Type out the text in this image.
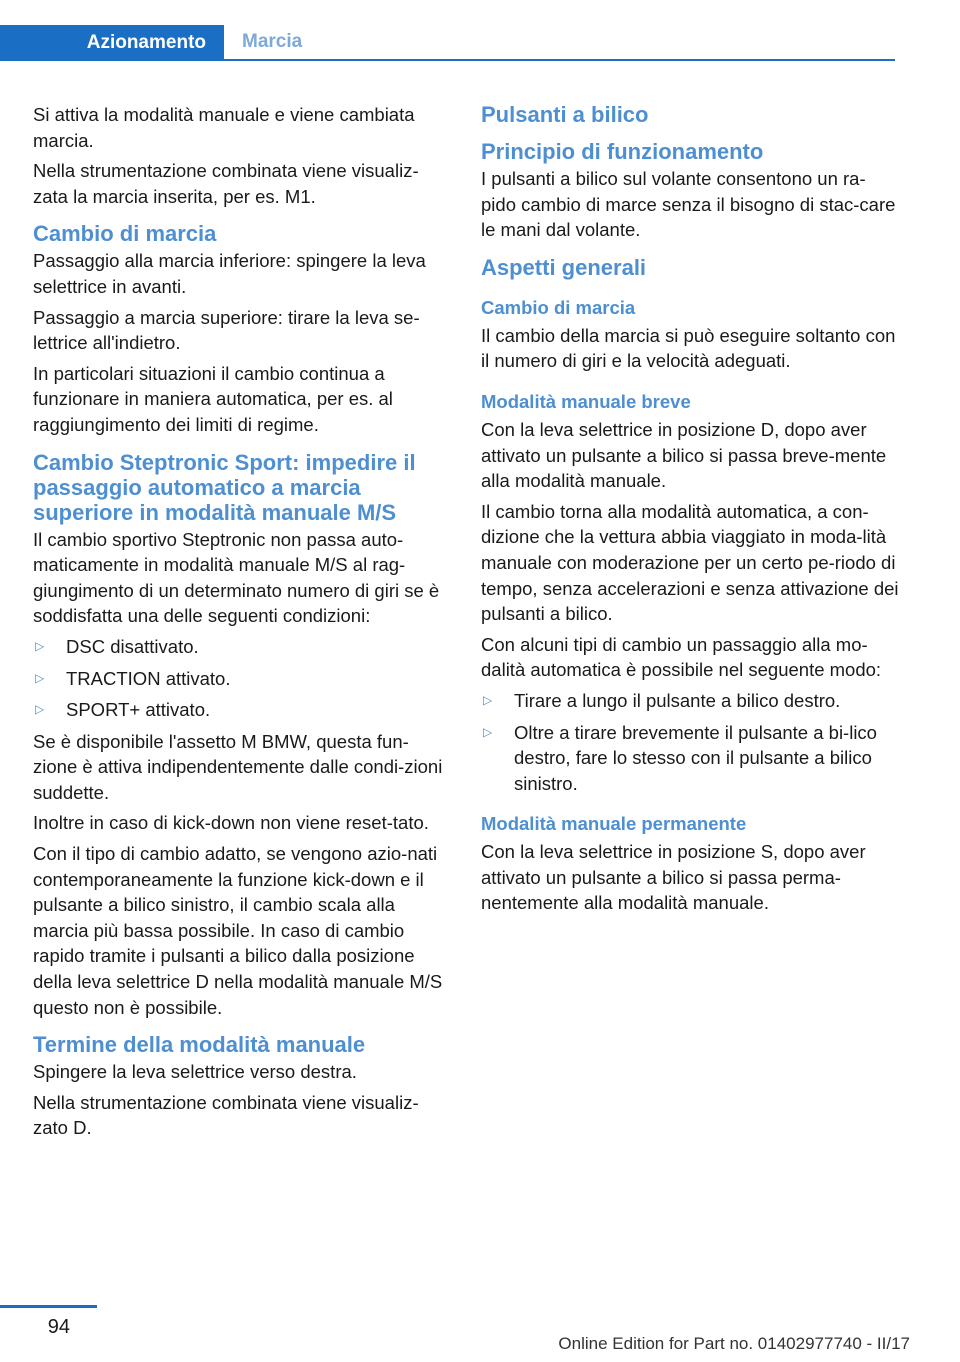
Azionamento	Marcia

Si attiva la modalità manuale e viene cambiata marcia.

Nella strumentazione combinata viene visualiz‐zata la marcia inserita, per es. M1.

Cambio di marcia

Passaggio alla marcia inferiore: spingere la leva selettrice in avanti.

Passaggio a marcia superiore: tirare la leva se‐lettrice all'indietro.

In particolari situazioni il cambio continua a funzionare in maniera automatica, per es. al raggiungimento dei limiti di regime.

Cambio Steptronic Sport: impedire il passaggio automatico a marcia superiore in modalità manuale M/S

Il cambio sportivo Steptronic non passa auto‐maticamente in modalità manuale M/S al rag‐giungimento di un determinato numero di giri se è soddisfatta una delle seguenti condizioni:

▷ DSC disattivato.
▷ TRACTION attivato.
▷ SPORT+ attivato.

Se è disponibile l'assetto M BMW, questa fun‐zione è attiva indipendentemente dalle condi‐zioni suddette.

Inoltre in caso di kick-down non viene reset‐tato.

Con il tipo di cambio adatto, se vengono azio‐nati contemporaneamente la funzione kick-down e il pulsante a bilico sinistro, il cambio scala alla marcia più bassa possibile. In caso di cambio rapido tramite i pulsanti a bilico dalla posizione della leva selettrice D nella modalità manuale M/S questo non è possibile.

Termine della modalità manuale

Spingere la leva selettrice verso destra.

Nella strumentazione combinata viene visualiz‐zato D.

Pulsanti a bilico
Principio di funzionamento

I pulsanti a bilico sul volante consentono un ra‐pido cambio di marce senza il bisogno di stac‐care le mani dal volante.

Aspetti generali
Cambio di marcia

Il cambio della marcia si può eseguire soltanto con il numero di giri e la velocità adeguati.

Modalità manuale breve

Con la leva selettrice in posizione D, dopo aver attivato un pulsante a bilico si passa breve‐mente alla modalità manuale.

Il cambio torna alla modalità automatica, a con‐dizione che la vettura abbia viaggiato in moda‐lità manuale con moderazione per un certo pe‐riodo di tempo, senza accelerazioni e senza attivazione dei pulsanti a bilico.

Con alcuni tipi di cambio un passaggio alla mo‐dalità automatica è possibile nel seguente modo:

▷ Tirare a lungo il pulsante a bilico destro.
▷ Oltre a tirare brevemente il pulsante a bi‐lico destro, fare lo stesso con il pulsante a bilico sinistro.
Modalità manuale permanente

Con la leva selettrice in posizione S, dopo aver attivato un pulsante a bilico si passa perma‐nentemente alla modalità manuale.

94
Online Edition for Part no. 01402977740 - II/17
